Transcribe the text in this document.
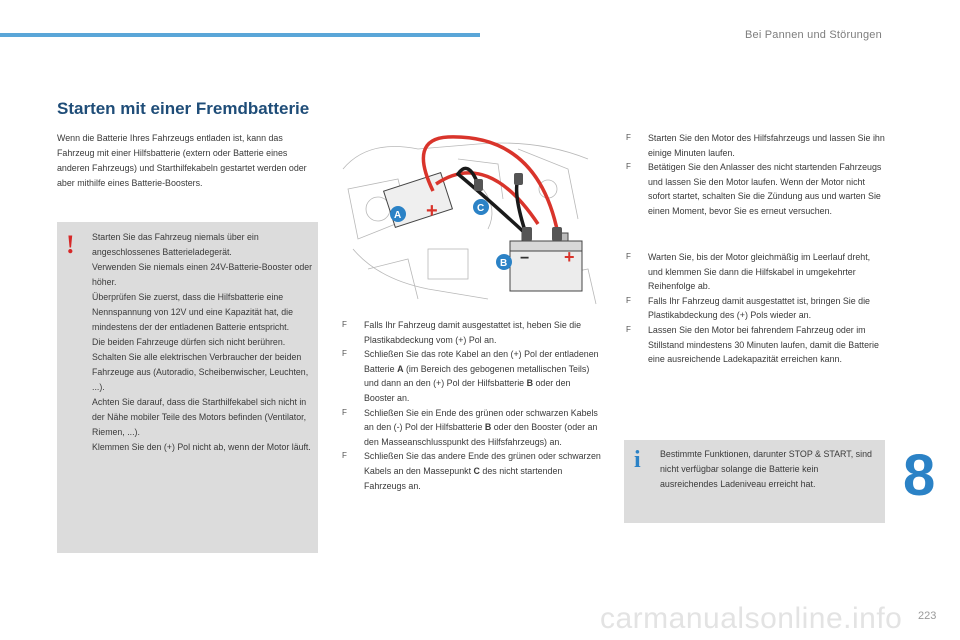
Bei Pannen und Störungen
Starten mit einer Fremdbatterie
Wenn die Batterie Ihres Fahrzeugs entladen ist, kann das Fahrzeug mit einer Hilfsbatterie (extern oder Batterie eines anderen Fahrzeugs) und Starthilfekabeln gestartet werden oder aber mithilfe eines Batterie-Boosters.
! Starten Sie das Fahrzeug niemals über ein angeschlossenes Batterieladegerät.

Verwenden Sie niemals einen 24V-Batterie-Booster oder höher.

Überprüfen Sie zuerst, dass die Hilfsbatterie eine Nennspannung von 12V und eine Kapazität hat, die mindestens der der entladenen Batterie entspricht.

Die beiden Fahrzeuge dürfen sich nicht berühren.

Schalten Sie alle elektrischen Verbraucher der beiden Fahrzeuge aus (Autoradio, Scheibenwischer, Leuchten, ...).

Achten Sie darauf, dass die Starthilfekabel sich nicht in der Nähe mobiler Teile des Motors befinden (Ventilator, Riemen, ...).

Klemmen Sie den (+) Pol nicht ab, wenn der Motor läuft.

+
+
−
A
C
B
F Falls Ihr Fahrzeug damit ausgestattet ist, heben Sie die Plastikabdeckung vom (+) Pol an.
F Schließen Sie das rote Kabel an den (+) Pol der entladenen Batterie A (im Bereich des gebogenen metallischen Teils) und dann an den (+) Pol der Hilfsbatterie B oder den Booster an.
F Schließen Sie ein Ende des grünen oder schwarzen Kabels an den (-) Pol der Hilfsbatterie B oder den Booster (oder an den Masseanschlusspunkt des Hilfsfahrzeugs) an.
F Schließen Sie das andere Ende des grünen oder schwarzen Kabels an den Massepunkt C des nicht startenden Fahrzeugs an.
F Starten Sie den Motor des Hilfsfahrzeugs und lassen Sie ihn einige Minuten laufen.
F Betätigen Sie den Anlasser des nicht startenden Fahrzeugs und lassen Sie den Motor laufen. Wenn der Motor nicht sofort startet, schalten Sie die Zündung aus und warten Sie einen Moment, bevor Sie es erneut versuchen.
F Warten Sie, bis der Motor gleichmäßig im Leerlauf dreht, und klemmen Sie dann die Hilfskabel in umgekehrter Reihenfolge ab.
F Falls Ihr Fahrzeug damit ausgestattet ist, bringen Sie die Plastikabdeckung des (+) Pols wieder an.
F Lassen Sie den Motor bei fahrendem Fahrzeug oder im Stillstand mindestens 30 Minuten laufen, damit die Batterie eine ausreichende Ladekapazität erreichen kann.
i Bestimmte Funktionen, darunter STOP & START, sind nicht verfügbar solange die Batterie kein ausreichendes Ladeniveau erreicht hat.	8
carmanualsonline.info 223
